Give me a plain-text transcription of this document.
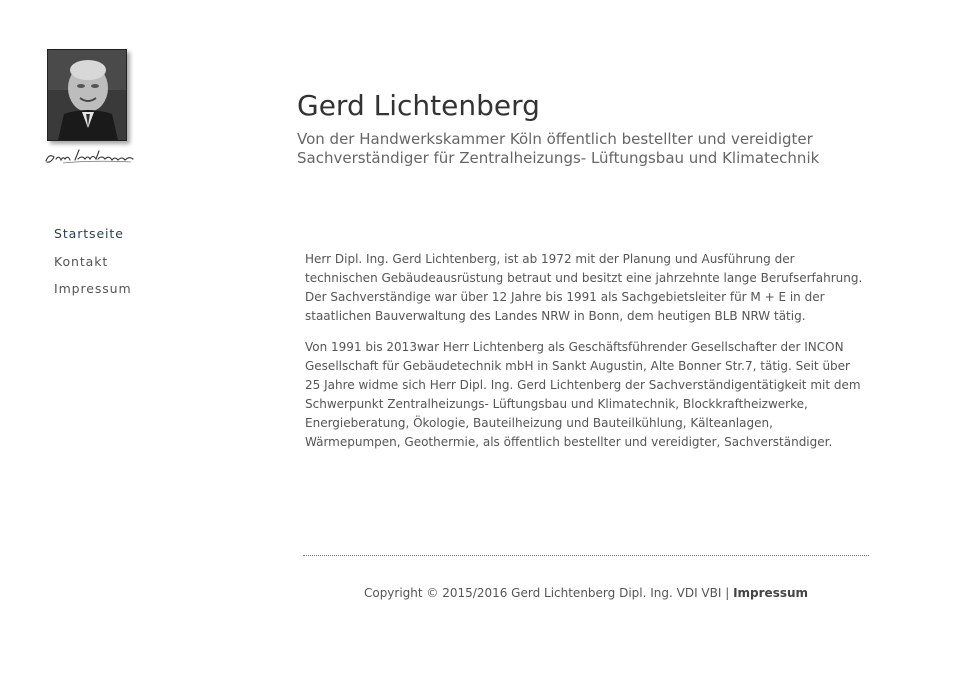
Gerd Lichtenberg
Von der Handwerkskammer Köln öffentlich bestellter und vereidigter
Sachverständiger für Zentralheizungs- Lüftungsbau und Klimatechnik
Startseite
Kontakt
Impressum

Herr Dipl. Ing. Gerd Lichtenberg, ist ab 1972 mit der Planung und Ausführung der technischen Gebäudeausrüstung betraut und besitzt eine jahrzehnte lange Berufserfahrung. Der Sachverständige war über 12 Jahre bis 1991 als Sachgebietsleiter für M + E in der staatlichen Bauverwaltung des Landes NRW in Bonn, dem heutigen BLB NRW tätig.

Von 1991 bis 2013war Herr Lichtenberg als Geschäftsführender Gesellschafter der INCON Gesellschaft für Gebäudetechnik mbH in Sankt Augustin, Alte Bonner Str.7, tätig. Seit über 25 Jahre widme sich Herr Dipl. Ing. Gerd Lichtenberg der Sachverständigentätigkeit mit dem Schwerpunkt Zentralheizungs- Lüftungsbau und Klimatechnik, Blockkraftheizwerke, Energieberatung, Ökologie, Bauteilheizung und Bauteilkühlung, Kälteanlagen, Wärmepumpen, Geothermie, als öffentlich bestellter und vereidigter, Sachverständiger.

Copyright © 2015/2016 Gerd Lichtenberg Dipl. Ing. VDI VBI | Impressum
